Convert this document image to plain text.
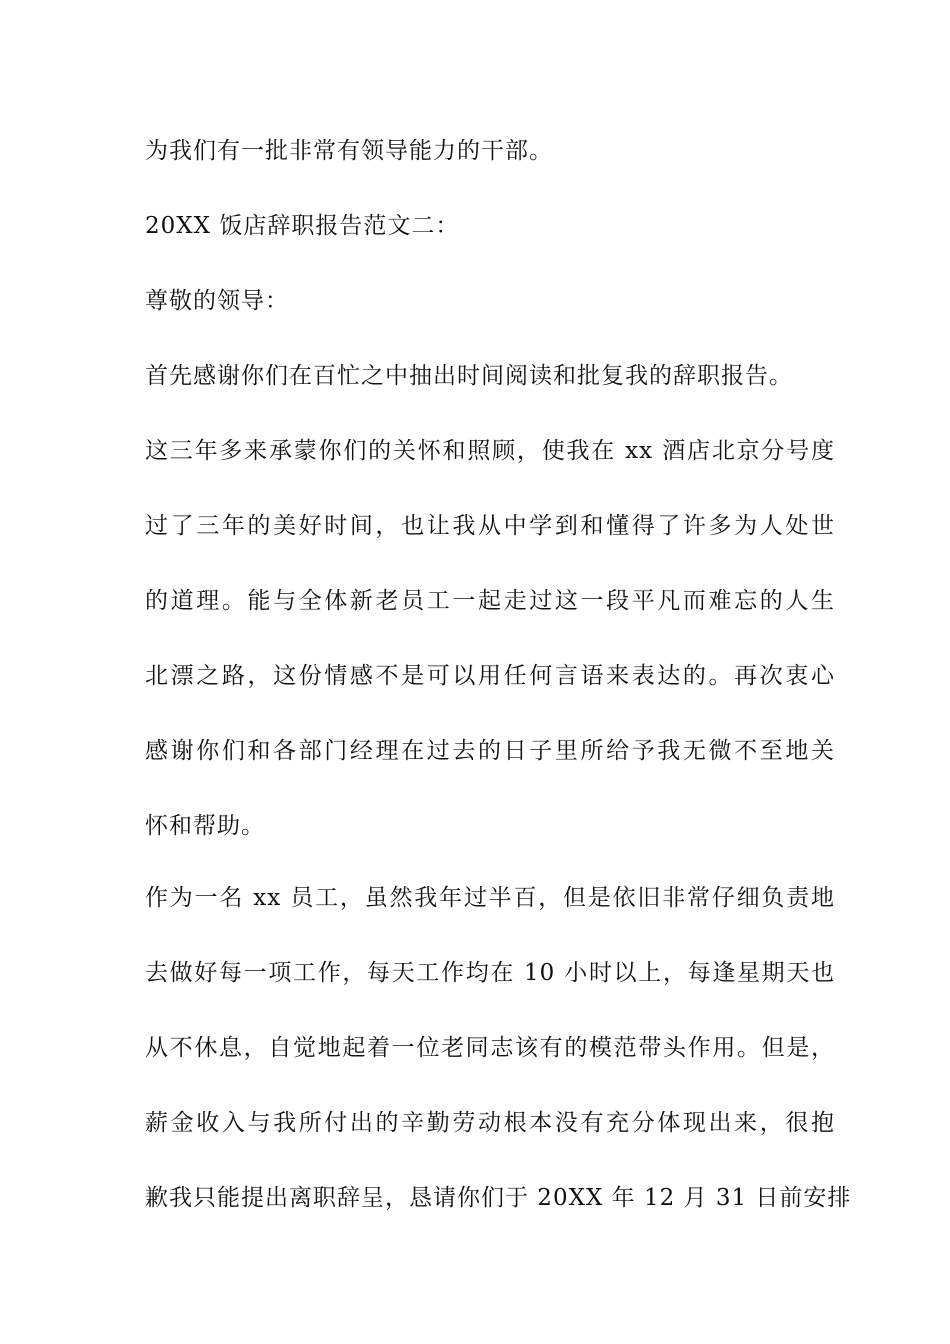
为我们有一批非常有领导能力的干部。
20XX 饭店辞职报告范文二：
尊敬的领导：
首先感谢你们在百忙之中抽出时间阅读和批复我的辞职报告。
这三年多来承蒙你们的关怀和照顾，使我在 xx 酒店北京分号度
过了三年的美好时间，也让我从中学到和懂得了许多为人处世
的道理。能与全体新老员工一起走过这一段平凡而难忘的人生
北漂之路，这份情感不是可以用任何言语来表达的。再次衷心
感谢你们和各部门经理在过去的日子里所给予我无微不至地关
怀和帮助。
作为一名 xx 员工，虽然我年过半百，但是依旧非常仔细负责地
去做好每一项工作，每天工作均在 10 小时以上，每逢星期天也
从不休息，自觉地起着一位老同志该有的模范带头作用。但是，
薪金收入与我所付出的辛勤劳动根本没有充分体现出来，很抱
歉我只能提出离职辞呈，恳请你们于 20XX 年 12 月 31 日前安排
